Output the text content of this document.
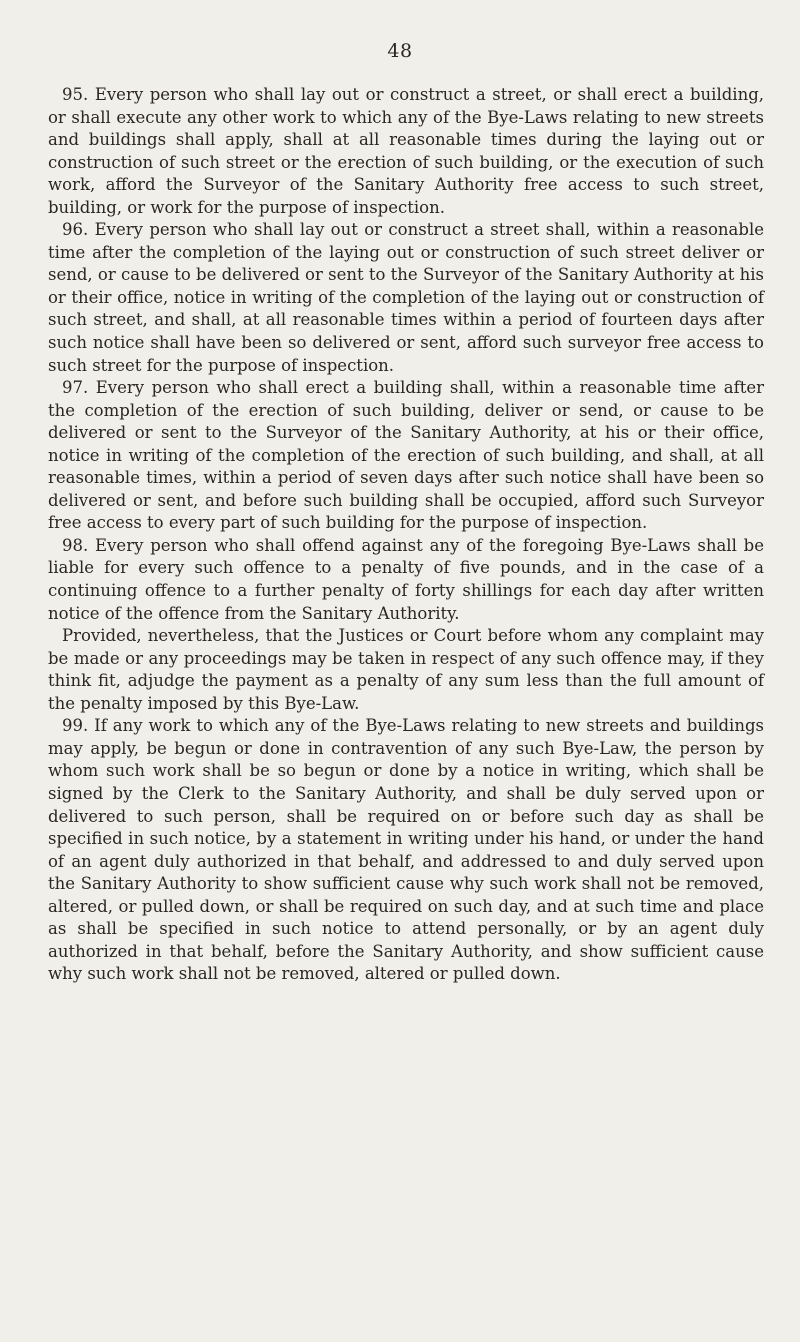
48

95. Every person who shall lay out or construct a street, or shall erect a building, or shall execute any other work to which any of the Bye-Laws relating to new streets and buildings shall apply, shall at all reasonable times during the laying out or construction of such street or the erection of such building, or the execution of such work, afford the Surveyor of the Sanitary Authority free access to such street, building, or work for the purpose of inspection.

96. Every person who shall lay out or construct a street shall, within a reasonable time after the completion of the laying out or construction of such street deliver or send, or cause to be delivered or sent to the Surveyor of the Sanitary Authority at his or their office, notice in writing of the completion of the laying out or construction of such street, and shall, at all reasonable times within a period of fourteen days after such notice shall have been so delivered or sent, afford such surveyor free access to such street for the purpose of inspection.

97. Every person who shall erect a building shall, within a reasonable time after the completion of the erection of such building, deliver or send, or cause to be delivered or sent to the Surveyor of the Sanitary Authority, at his or their office, notice in writing of the completion of the erection of such building, and shall, at all reasonable times, within a period of seven days after such notice shall have been so delivered or sent, and before such building shall be occupied, afford such Surveyor free access to every part of such building for the purpose of inspection.

98. Every person who shall offend against any of the foregoing Bye-Laws shall be liable for every such offence to a penalty of five pounds, and in the case of a continuing offence to a further penalty of forty shillings for each day after written notice of the offence from the Sanitary Authority.

Provided, nevertheless, that the Justices or Court before whom any complaint may be made or any proceedings may be taken in respect of any such offence may, if they think fit, adjudge the payment as a penalty of any sum less than the full amount of the penalty imposed by this Bye-Law.

99. If any work to which any of the Bye-Laws relating to new streets and buildings may apply, be begun or done in contravention of any such Bye-Law, the person by whom such work shall be so begun or done by a notice in writing, which shall be signed by the Clerk to the Sanitary Authority, and shall be duly served upon or delivered to such person, shall be required on or before such day as shall be specified in such notice, by a statement in writing under his hand, or under the hand of an agent duly authorized in that behalf, and addressed to and duly served upon the Sanitary Authority to show sufficient cause why such work shall not be removed, altered, or pulled down, or shall be required on such day, and at such time and place as shall be specified in such notice to attend personally, or by an agent duly authorized in that behalf, before the Sanitary Authority, and show sufficient cause why such work shall not be removed, altered or pulled down.
